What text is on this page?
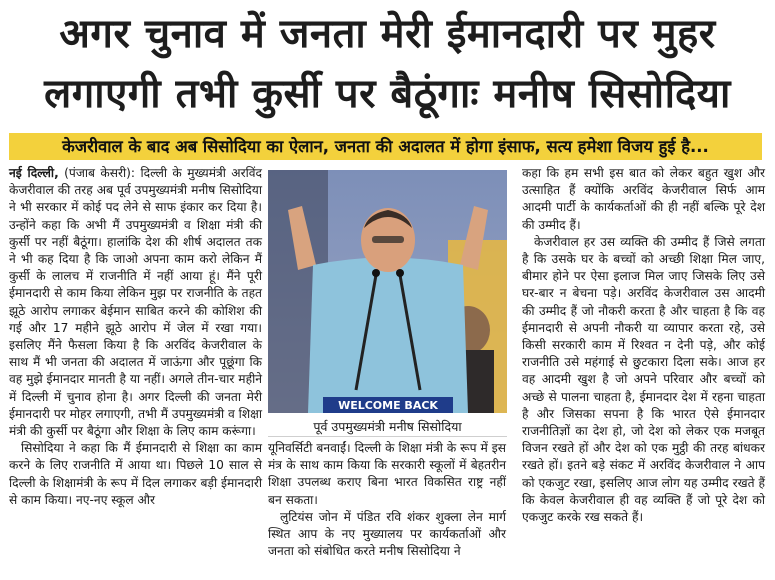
अगर चुनाव में जनता मेरी ईमानदारी पर मुहर
लगाएगी तभी कुर्सी पर बैठूंगाः मनीष सिसोदिया
केजरीवाल के बाद अब सिसोदिया का ऐलान, जनता की अदालत में होगा इंसाफ, सत्य हमेशा विजय हुई है...

नई दिल्ली, (पंजाब केसरी): दिल्ली के मुख्यमंत्री अरविंद केजरीवाल की तरह अब पूर्व उपमुख्यमंत्री मनीष सिसोदिया ने भी सरकार में कोई पद लेने से साफ इंकार कर दिया है। उन्होंने कहा कि अभी मैं उपमुख्यमंत्री व शिक्षा मंत्री की कुर्सी पर नहीं बैठूंगा। हालांकि देश की शीर्ष अदालत तक ने भी कह दिया है कि जाओ अपना काम करो लेकिन मैं कुर्सी के लालच में राजनीति में नहीं आया हूं। मैंने पूरी ईमानदारी से काम किया लेकिन मुझ पर राजनीति के तहत झूठे आरोप लगाकर बेईमान साबित करने की कोशिश की गई और 17 महीने झूठे आरोप में जेल में रखा गया। इसलिए मैंने फैसला किया है कि अरविंद केजरीवाल के साथ मैं भी जनता की अदालत में जाऊंगा और पूछूंगा कि वह मुझे ईमानदार मानती है या नहीं। अगले तीन-चार महीने में दिल्ली में चुनाव होना है। अगर दिल्ली की जनता मेरी ईमानदारी पर मोहर लगाएगी, तभी मैं उपमुख्यमंत्री व शिक्षा मंत्री की कुर्सी पर बैठूंगा और शिक्षा के लिए काम करूंगा।

सिसोदिया ने कहा कि मैं ईमानदारी से शिक्षा का काम करने के लिए राजनीति में आया था। पिछले 10 साल से दिल्ली के शिक्षामंत्री के रूप में दिल लगाकर बड़ी ईमानदारी से काम किया। नए-नए स्कूल और

WELCOME BACK
पूर्व उपमुख्यमंत्री मनीष सिसोदिया

यूनिवर्सिटी बनवाईं। दिल्ली के शिक्षा मंत्री के रूप में इस मंत्र के साथ काम किया कि सरकारी स्कूलों में बेहतरीन शिक्षा उपलब्ध कराए बिना भारत विकसित राष्ट्र नहीं बन सकता।

लुटियंस जोन में पंडित रवि शंकर शुक्ला लेन मार्ग स्थित आप के नए मुख्यालय पर कार्यकर्ताओं और जनता को संबोधित करते मनीष सिसोदिया ने

कहा कि हम सभी इस बात को लेकर बहुत खुश और उत्साहित हैं क्योंकि अरविंद केजरीवाल सिर्फ आम आदमी पार्टी के कार्यकर्ताओं की ही नहीं बल्कि पूरे देश की उम्मीद हैं।

केजरीवाल हर उस व्यक्ति की उम्मीद हैं जिसे लगता है कि उसके घर के बच्चों को अच्छी शिक्षा मिल जाए, बीमार होने पर ऐसा इलाज मिल जाए जिसके लिए उसे घर-बार न बेचना पड़े। अरविंद केजरीवाल उस आदमी की उम्मीद हैं जो नौकरी करता है और चाहता है कि वह ईमानदारी से अपनी नौकरी या व्यापार करता रहे, उसे किसी सरकारी काम में रिश्वत न देनी पड़े, और कोई राजनीति उसे महंगाई से छुटकारा दिला सके। आज हर वह आदमी खुश है जो अपने परिवार और बच्चों को अच्छे से पालना चाहता है, ईमानदार देश में रहना चाहता है और जिसका सपना है कि भारत ऐसे ईमानदार राजनीतिज्ञों का देश हो, जो देश को लेकर एक मजबूत विजन रखते हों और देश को एक मुट्ठी की तरह बांधकर रखते हों। इतने बड़े संकट में अरविंद केजरीवाल ने आप को एकजुट रखा, इसलिए आज लोग यह उम्मीद रखते हैं कि केवल केजरीवाल ही वह व्यक्ति हैं जो पूरे देश को एकजुट करके रख सकते हैं।
